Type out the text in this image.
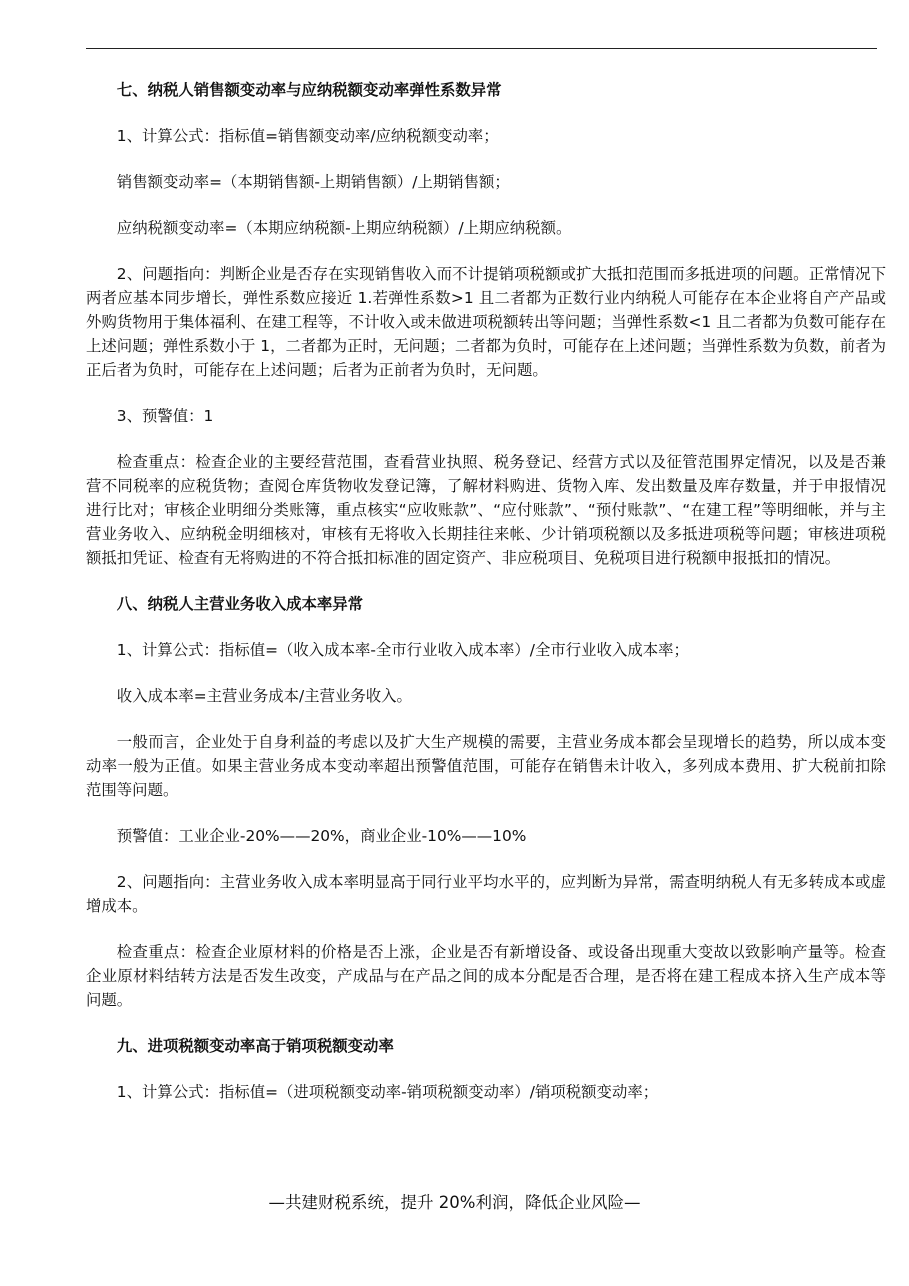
七、纳税人销售额变动率与应纳税额变动率弹性系数异常

1、计算公式：指标值=销售额变动率/应纳税额变动率；

销售额变动率=（本期销售额-上期销售额）/上期销售额；

应纳税额变动率=（本期应纳税额-上期应纳税额）/上期应纳税额。

2、问题指向：判断企业是否存在实现销售收入而不计提销项税额或扩大抵扣范围而多抵进项的问题。正常情况下两者应基本同步增长，弹性系数应接近 1.若弹性系数>1 且二者都为正数行业内纳税人可能存在本企业将自产产品或外购货物用于集体福利、在建工程等，不计收入或未做进项税额转出等问题；当弹性系数<1 且二者都为负数可能存在上述问题；弹性系数小于 1，二者都为正时，无问题；二者都为负时，可能存在上述问题；当弹性系数为负数，前者为正后者为负时，可能存在上述问题；后者为正前者为负时，无问题。

3、预警值：1

检查重点：检查企业的主要经营范围，查看营业执照、税务登记、经营方式以及征管范围界定情况，以及是否兼营不同税率的应税货物；查阅仓库货物收发登记簿，了解材料购进、货物入库、发出数量及库存数量，并于申报情况进行比对；审核企业明细分类账簿，重点核实“应收账款”、“应付账款”、“预付账款”、“在建工程”等明细帐，并与主营业务收入、应纳税金明细核对，审核有无将收入长期挂往来帐、少计销项税额以及多抵进项税等问题；审核进项税额抵扣凭证、检查有无将购进的不符合抵扣标准的固定资产、非应税项目、免税项目进行税额申报抵扣的情况。

八、纳税人主营业务收入成本率异常

1、计算公式：指标值=（收入成本率-全市行业收入成本率）/全市行业收入成本率；

收入成本率=主营业务成本/主营业务收入。

一般而言，企业处于自身利益的考虑以及扩大生产规模的需要，主营业务成本都会呈现增长的趋势，所以成本变动率一般为正值。如果主营业务成本变动率超出预警值范围，可能存在销售未计收入，多列成本费用、扩大税前扣除范围等问题。

预警值：工业企业-20%——20%，商业企业-10%——10%

2、问题指向：主营业务收入成本率明显高于同行业平均水平的，应判断为异常，需查明纳税人有无多转成本或虚增成本。

检查重点：检查企业原材料的价格是否上涨，企业是否有新增设备、或设备出现重大变故以致影响产量等。检查企业原材料结转方法是否发生改变，产成品与在产品之间的成本分配是否合理，是否将在建工程成本挤入生产成本等问题。

九、进项税额变动率高于销项税额变动率

1、计算公式：指标值=（进项税额变动率-销项税额变动率）/销项税额变动率；

—共建财税系统，提升 20%利润，降低企业风险—
